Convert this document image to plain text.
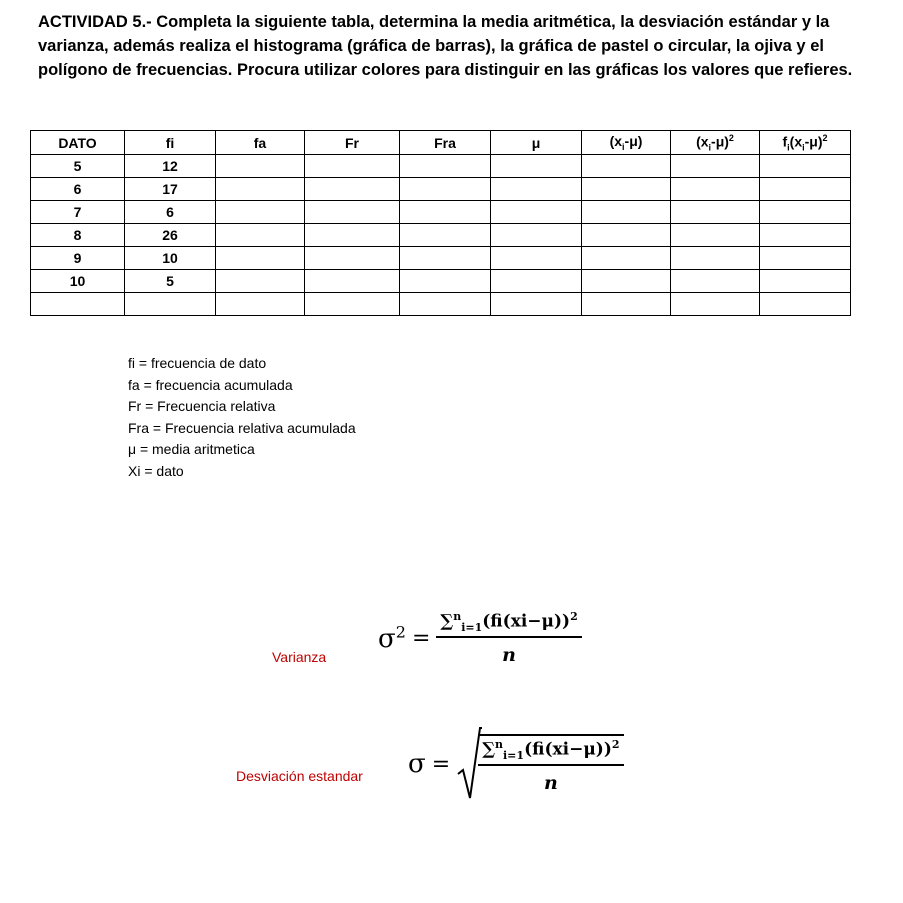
ACTIVIDAD 5.- Completa la siguiente tabla, determina la media aritmética, la desviación estándar y la varianza, además realiza el histograma (gráfica de barras), la gráfica de pastel o circular, la ojiva y el polígono de frecuencias. Procura utilizar colores para distinguir en las gráficas los valores que refieres.

DATO	fi	fa	Fr	Fra	μ	$(x_i-\mu)$	$(x_i-\mu)^2$	$f_i(x_i-\mu)^2$
5	12							
6	17							
7	6							
8	26							
9	10							
10	5							

fi = frecuencia de dato
fa = frecuencia acumulada
Fr = Frecuencia relativa
Fra = Frecuencia relativa acumulada
μ = media aritmetica
Xi = dato
Varianza
$\sigma^2 = \frac{\sum^n_{i=1}(fi(xi-\mu))^2}{n}$
Desviación estandar $\sigma = \frac{\sum^n_{i=1}(fi(xi-\mu))^2}{n}$
